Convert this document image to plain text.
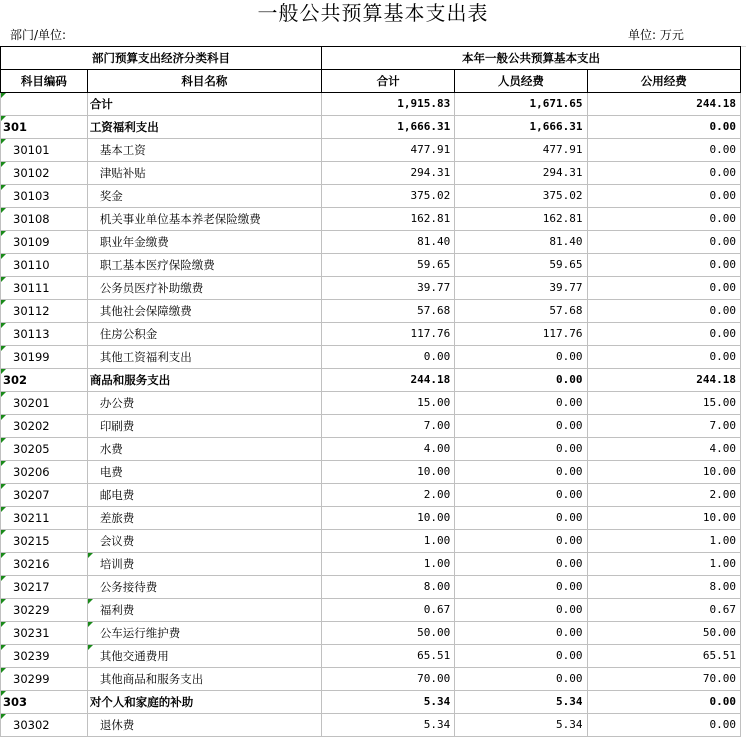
一般公共预算基本支出表
部门/单位:	单位: 万元
部门预算支出经济分类科目		本年一般公共预算基本支出		
科目编码	科目名称	合计	人员经费	公用经费
	合计	1,915.83	1,671.65	244.18
301	工资福利支出	1,666.31	1,666.31	0.00
30101	基本工资	477.91	477.91	0.00
30102	津贴补贴	294.31	294.31	0.00
30103	奖金	375.02	375.02	0.00
30108	机关事业单位基本养老保险缴费	162.81	162.81	0.00
30109	职业年金缴费	81.40	81.40	0.00
30110	职工基本医疗保险缴费	59.65	59.65	0.00
30111	公务员医疗补助缴费	39.77	39.77	0.00
30112	其他社会保障缴费	57.68	57.68	0.00
30113	住房公积金	117.76	117.76	0.00
30199	其他工资福利支出	0.00	0.00	0.00
302	商品和服务支出	244.18	0.00	244.18
30201	办公费	15.00	0.00	15.00
30202	印刷费	7.00	0.00	7.00
30205	水费	4.00	0.00	4.00
30206	电费	10.00	0.00	10.00
30207	邮电费	2.00	0.00	2.00
30211	差旅费	10.00	0.00	10.00
30215	会议费	1.00	0.00	1.00
30216	培训费	1.00	0.00	1.00
30217	公务接待费	8.00	0.00	8.00
30229	福利费	0.67	0.00	0.67
30231	公车运行维护费	50.00	0.00	50.00
30239	其他交通费用	65.51	0.00	65.51
30299	其他商品和服务支出	70.00	0.00	70.00
303	对个人和家庭的补助	5.34	5.34	0.00
30302	退休费	5.34	5.34	0.00
